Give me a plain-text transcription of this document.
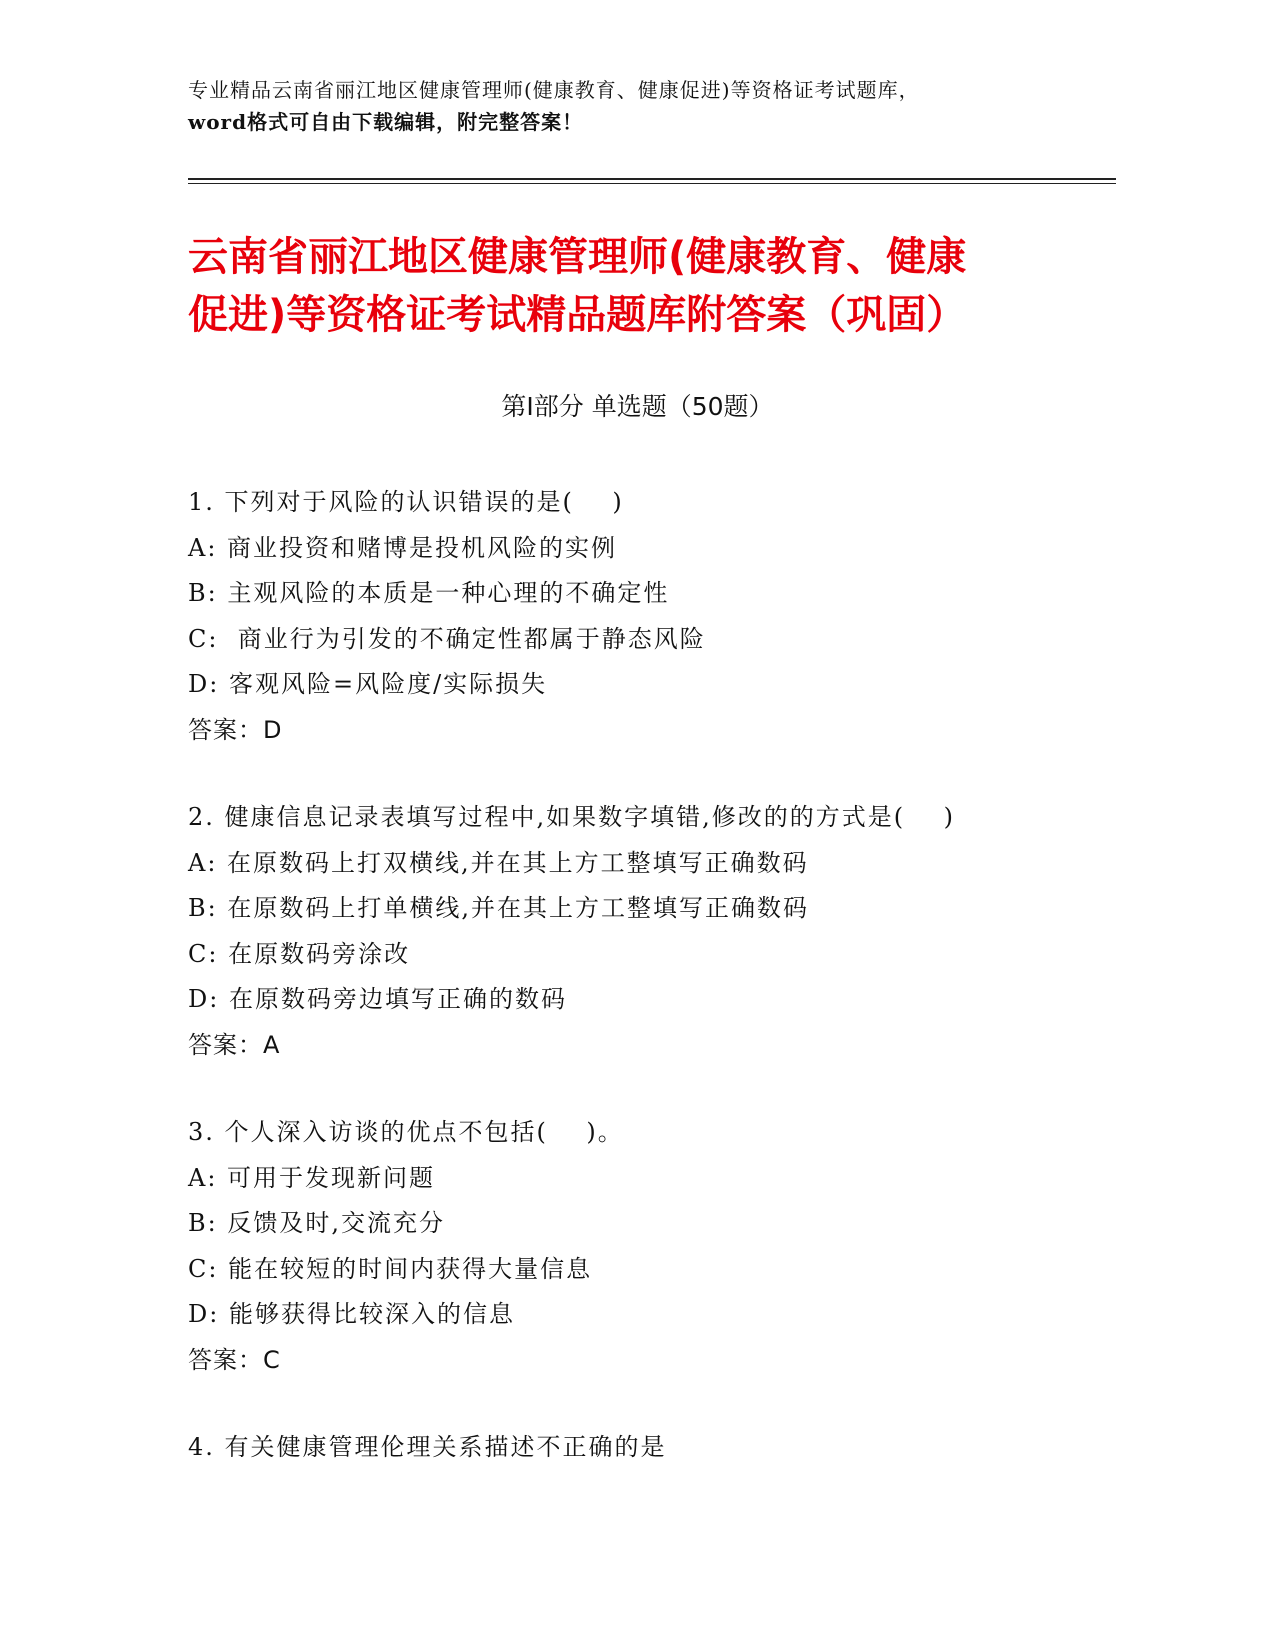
专业精品云南省丽江地区健康管理师(健康教育、健康促进)等资格证考试题库，
word格式可自由下载编辑，附完整答案！
云南省丽江地区健康管理师(健康教育、健康
促进)等资格证考试精品题库附答案（巩固）
第Ⅰ部分 单选题（50题）
1. 下列对于风险的认识错误的是(    )
A: 商业投资和赌博是投机风险的实例
B: 主观风险的本质是一种心理的不确定性
C:  商业行为引发的不确定性都属于静态风险
D: 客观风险=风险度/实际损失
答案：D
2. 健康信息记录表填写过程中,如果数字填错,修改的的方式是(    )
A: 在原数码上打双横线,并在其上方工整填写正确数码
B: 在原数码上打单横线,并在其上方工整填写正确数码
C: 在原数码旁涂改
D: 在原数码旁边填写正确的数码
答案：A
3. 个人深入访谈的优点不包括(    )。
A: 可用于发现新问题
B: 反馈及时,交流充分
C: 能在较短的时间内获得大量信息
D: 能够获得比较深入的信息
答案：C
4. 有关健康管理伦理关系描述不正确的是
